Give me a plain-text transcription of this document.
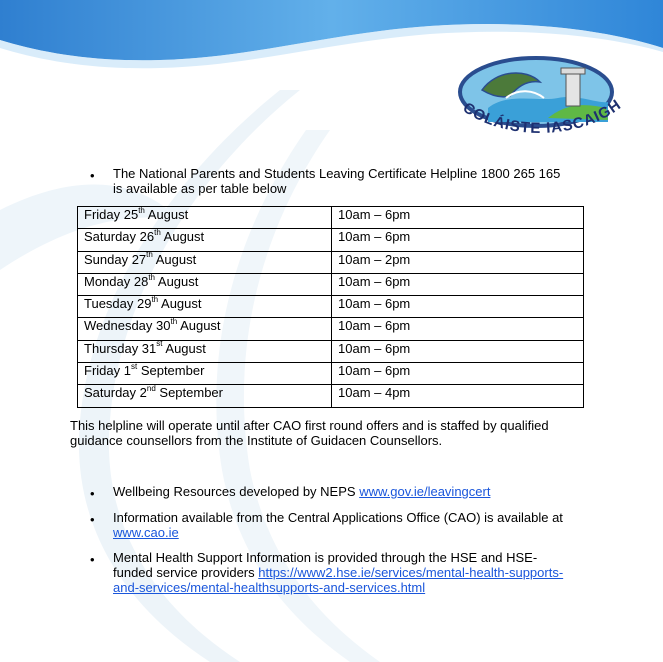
COLÁISTE IASCAIGH
• The National Parents and Students Leaving Certificate Helpline 1800 265 165
is available as per table below
Friday 25th August	10am – 6pm
Saturday 26th August	10am – 6pm
Sunday 27th August	10am – 2pm
Monday 28th August	10am – 6pm
Tuesday 29th August	10am – 6pm
Wednesday 30th August	10am – 6pm
Thursday 31st August	10am – 6pm
Friday 1st September	10am – 6pm
Saturday 2nd September	10am – 4pm
This helpline will operate until after CAO first round offers and is staffed by qualified
guidance counsellors from the Institute of Guidacen Counsellors.
• Wellbeing Resources developed by NEPS www.gov.ie/leavingcert
• Information available from the Central Applications Office (CAO) is available at
www.cao.ie
• Mental Health Support Information is provided through the HSE and HSE-
funded service providers https://www2.hse.ie/services/mental-health-supports-
and-services/mental-healthsupports-and-services.html
